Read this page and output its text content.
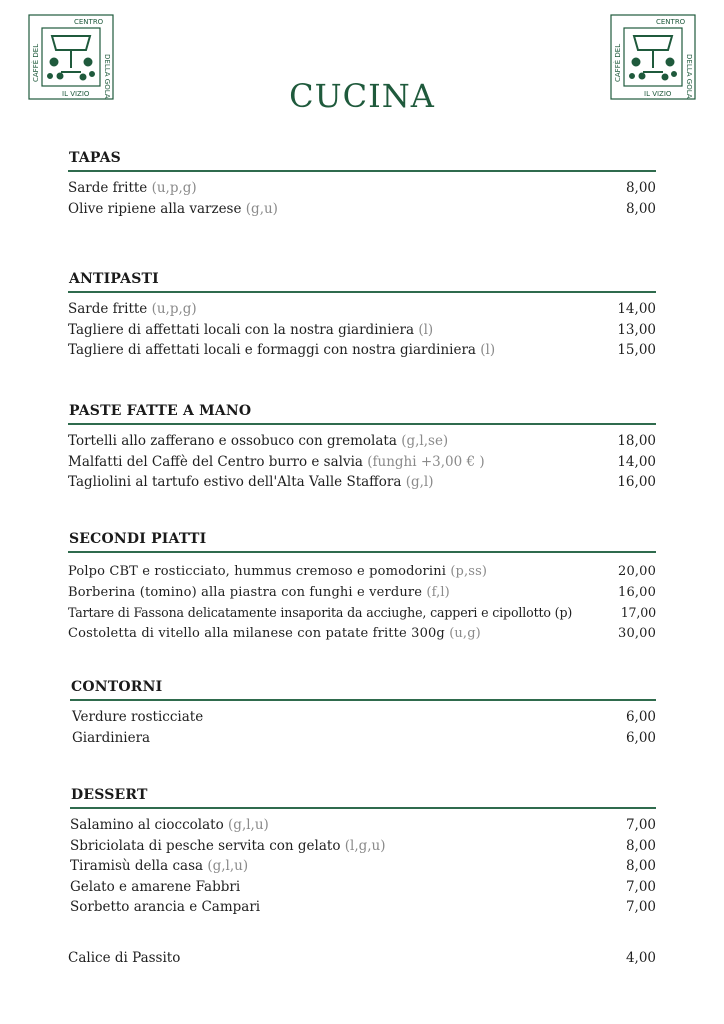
CAFFÈ DEL
CENTRO
DELLA GOLA
IL VIZIO
CAFFÈ DEL
CENTRO
DELLA GOLA
IL VIZIO
CUCINA
TAPAS
Sarde fritte (u,p,g)	8,00
Olive ripiene alla varzese (g,u)	8,00
ANTIPASTI
Sarde fritte (u,p,g)	14,00
Tagliere di affettati locali con la nostra giardiniera (l)	13,00
Tagliere di affettati locali e formaggi con nostra giardiniera (l)	15,00
PASTE FATTE A MANO
Tortelli allo zafferano e ossobuco con gremolata (g,l,se)	18,00
Malfatti del Caffè del Centro burro e salvia (funghi +3,00 € )	14,00
Tagliolini al tartufo estivo dell'Alta Valle Staffora (g,l)	16,00
SECONDI PIATTI
Polpo CBT e rosticciato, hummus cremoso e pomodorini (p,ss)	20,00
Borberina (tomino) alla piastra con funghi e verdure (f,l)	16,00
Tartare di Fassona delicatamente insaporita da acciughe, capperi e cipollotto (p)	17,00
Costoletta di vitello alla milanese con patate fritte 300g (u,g)	30,00
CONTORNI
Verdure rosticciate	6,00
Giardiniera	6,00
DESSERT
Salamino al cioccolato (g,l,u)	7,00
Sbriciolata di pesche servita con gelato (l,g,u)	8,00
Tiramisù della casa (g,l,u)	8,00
Gelato e amarene Fabbri	7,00
Sorbetto arancia e Campari	7,00
Calice di Passito	4,00
